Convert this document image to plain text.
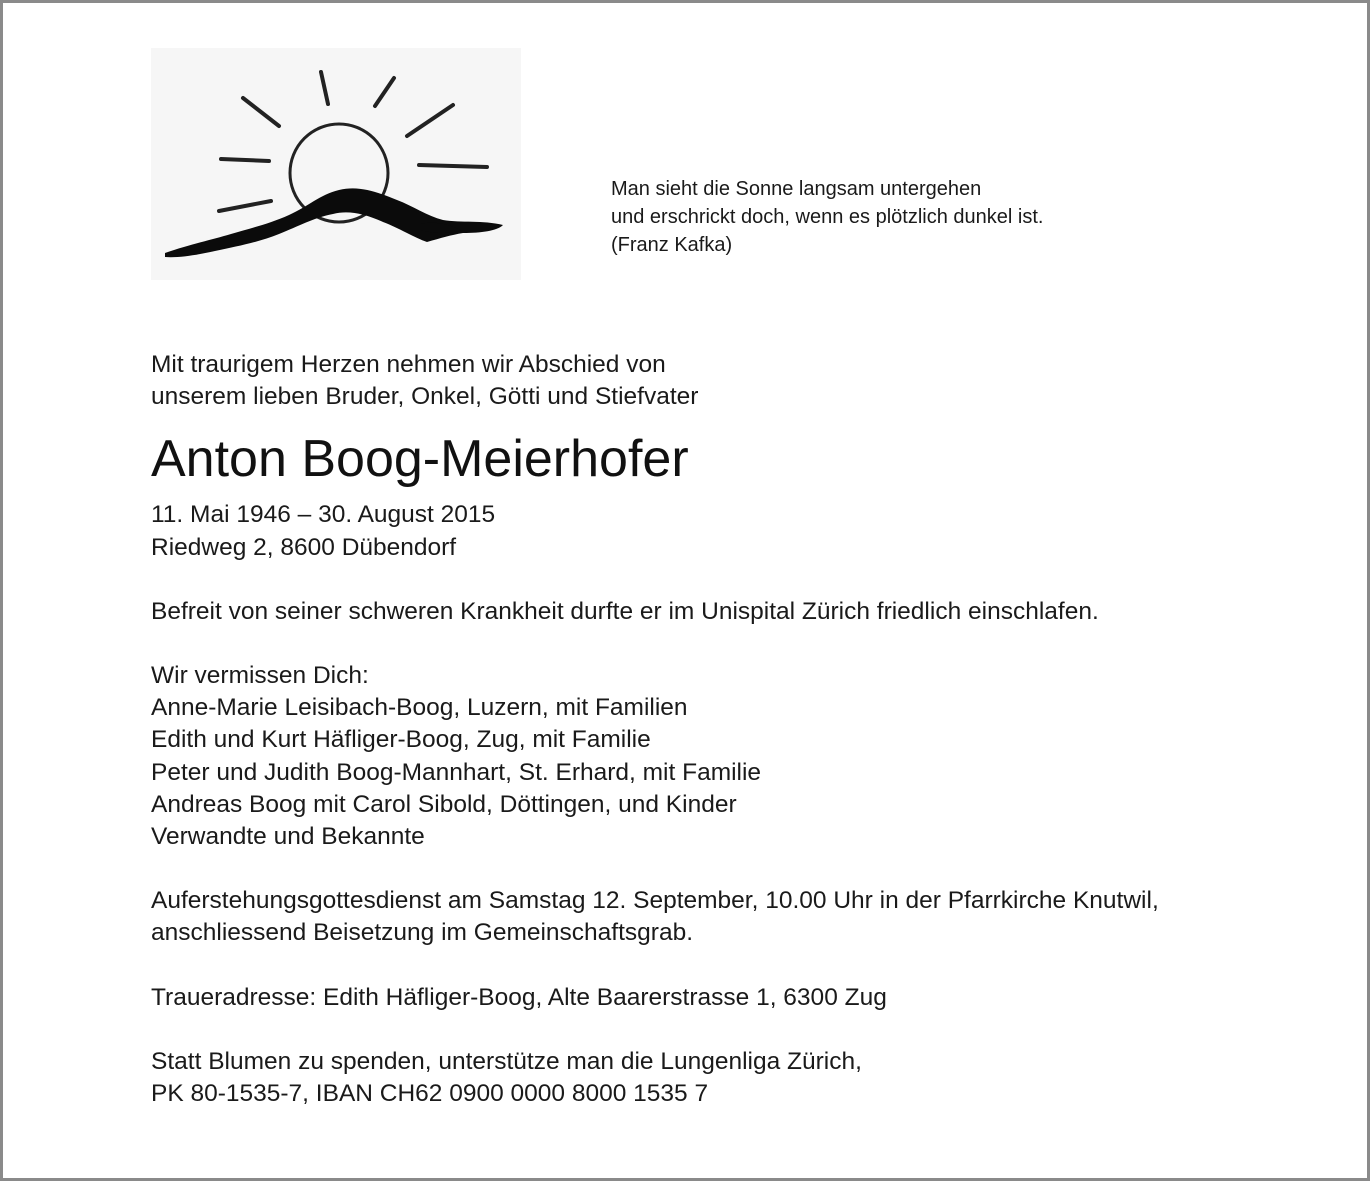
Man sieht die Sonne langsam untergehen
und erschrickt doch, wenn es plötzlich dunkel ist.
(Franz Kafka)
Mit traurigem Herzen nehmen wir Abschied von
unserem lieben Bruder, Onkel, Götti und Stiefvater
Anton Boog-Meierhofer
11. Mai 1946 – 30. August 2015
Riedweg 2, 8600 Dübendorf
Befreit von seiner schweren Krankheit durfte er im Unispital Zürich friedlich einschlafen.
Wir vermissen Dich:
Anne-Marie Leisibach-Boog, Luzern, mit Familien
Edith und Kurt Häfliger-Boog, Zug, mit Familie
Peter und Judith Boog-Mannhart, St. Erhard, mit Familie
Andreas Boog mit Carol Sibold, Döttingen, und Kinder
Verwandte und Bekannte
Auferstehungsgottesdienst am Samstag 12. September, 10.00 Uhr in der Pfarrkirche Knutwil,
anschliessend Beisetzung im Gemeinschaftsgrab.
Traueradresse: Edith Häfliger-Boog, Alte Baarerstrasse 1, 6300 Zug
Statt Blumen zu spenden, unterstütze man die Lungenliga Zürich,
PK 80-1535-7, IBAN CH62 0900 0000 8000 1535 7
